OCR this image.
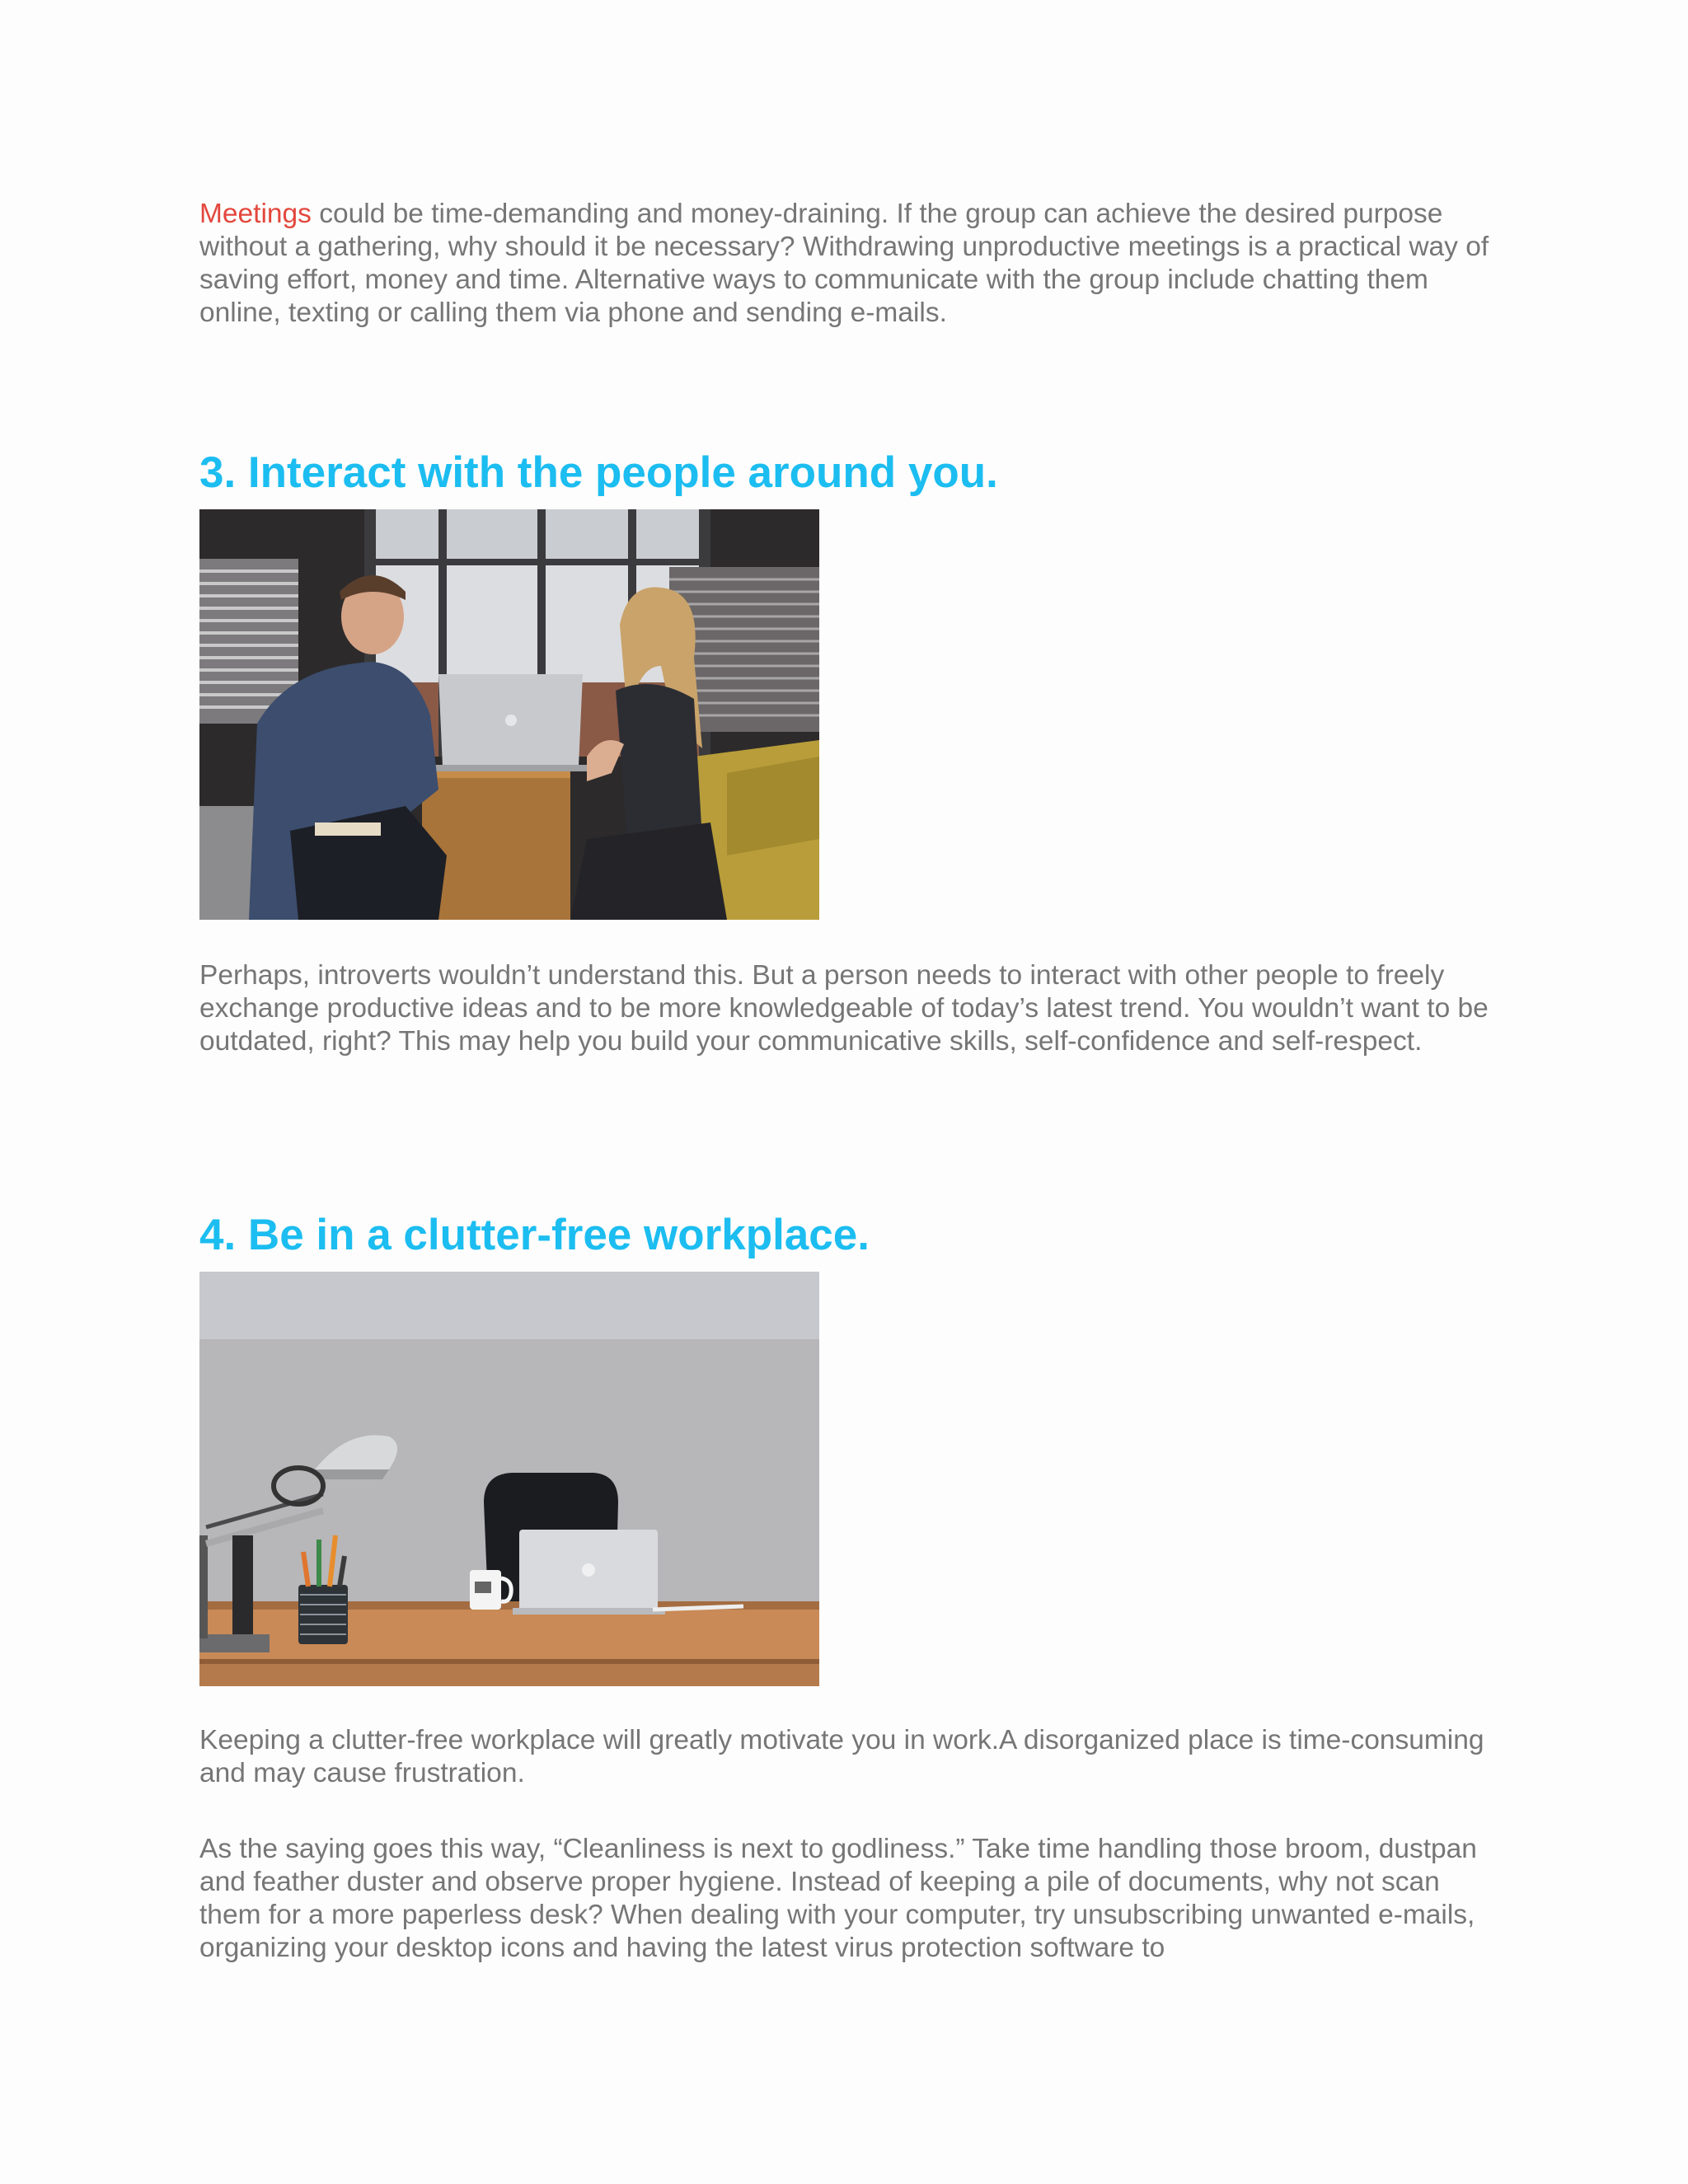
Meetings could be time-demanding and money-draining. If the group can achieve the desired purpose without a gathering, why should it be necessary? Withdrawing unproductive meetings is a practical way of saving effort, money and time. Alternative ways to communicate with the group include chatting them online, texting or calling them via phone and sending e-mails.

3. Interact with the people around you.

Perhaps, introverts wouldn’t understand this. But a person needs to interact with other people to freely exchange productive ideas and to be more knowledgeable of today’s latest trend. You wouldn’t want to be outdated, right? This may help you build your communicative skills, self-confidence and self-respect.

4. Be in a clutter-free workplace.

Keeping a clutter-free workplace will greatly motivate you in work.A disorganized place is time-consuming and may cause frustration.

As the saying goes this way, “Cleanliness is next to godliness.” Take time handling those broom, dustpan and feather duster and observe proper hygiene. Instead of keeping a pile of documents, why not scan them for a more paperless desk? When dealing with your computer, try unsubscribing unwanted e-mails, organizing your desktop icons and having the latest virus protection software to
